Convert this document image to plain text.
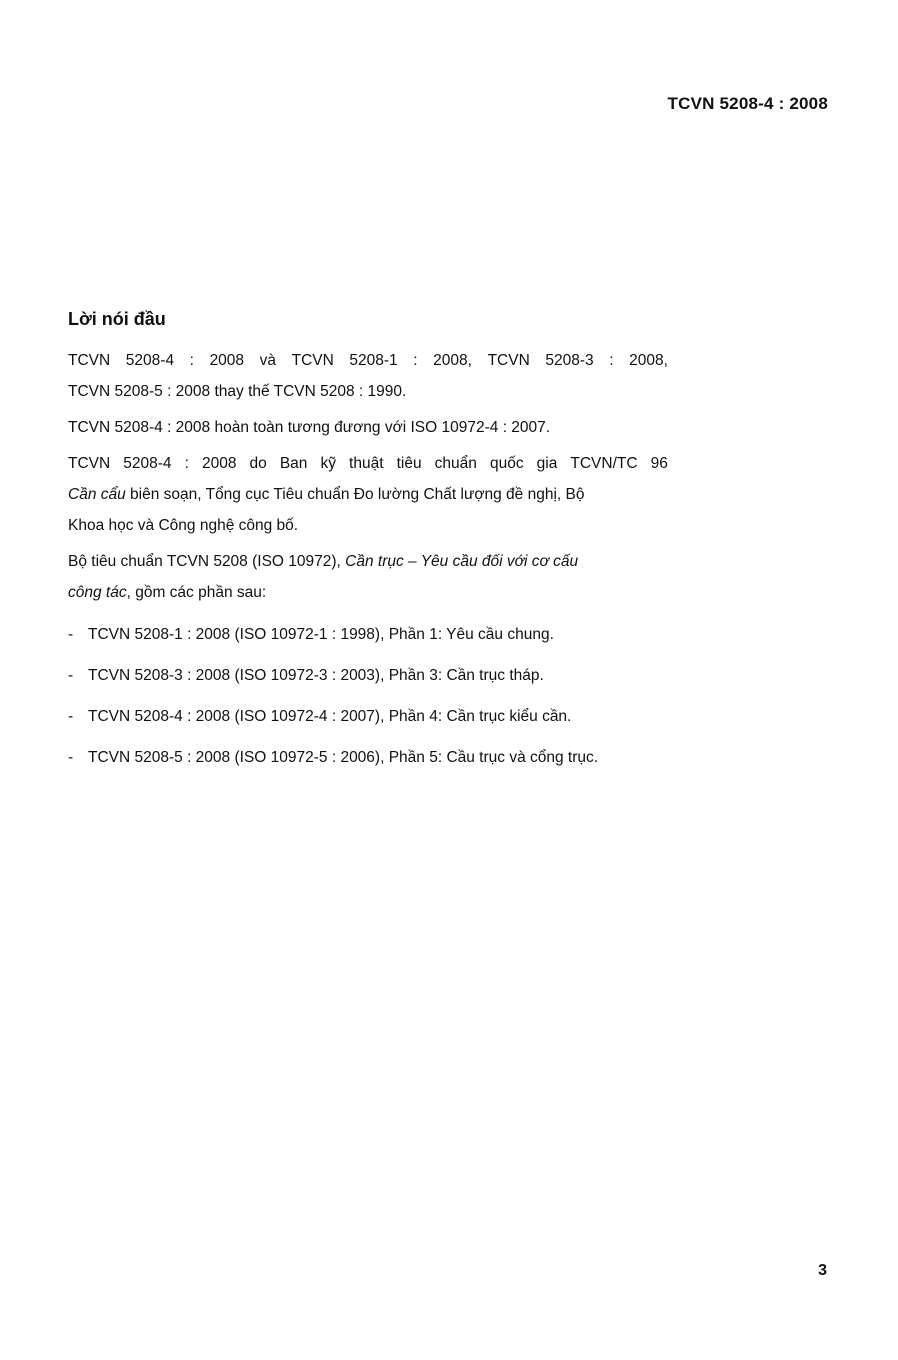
TCVN 5208-4 : 2008
Lời nói đầu
TCVN 5208-4 : 2008 và TCVN 5208-1 : 2008, TCVN 5208-3 : 2008,
TCVN 5208-5 : 2008 thay thế TCVN 5208 : 1990.
TCVN 5208-4 : 2008 hoàn toàn tương đương với ISO 10972-4 : 2007.
TCVN 5208-4 : 2008 do Ban kỹ thuật tiêu chuẩn quốc gia TCVN/TC 96
Cần cẩu biên soạn, Tổng cục Tiêu chuẩn Đo lường Chất lượng đề nghị, Bộ
Khoa học và Công nghệ công bố.
Bộ tiêu chuẩn TCVN 5208 (ISO 10972), Cần trục – Yêu cầu đối với cơ cấu
công tác, gồm các phần sau:
- TCVN 5208-1 : 2008 (ISO 10972-1 : 1998), Phần 1: Yêu cầu chung.
- TCVN 5208-3 : 2008 (ISO 10972-3 : 2003), Phần 3: Cần trục tháp.
- TCVN 5208-4 : 2008 (ISO 10972-4 : 2007), Phần 4: Cần trục kiểu cần.
- TCVN 5208-5 : 2008 (ISO 10972-5 : 2006), Phần 5: Cầu trục và cổng trục.
3
